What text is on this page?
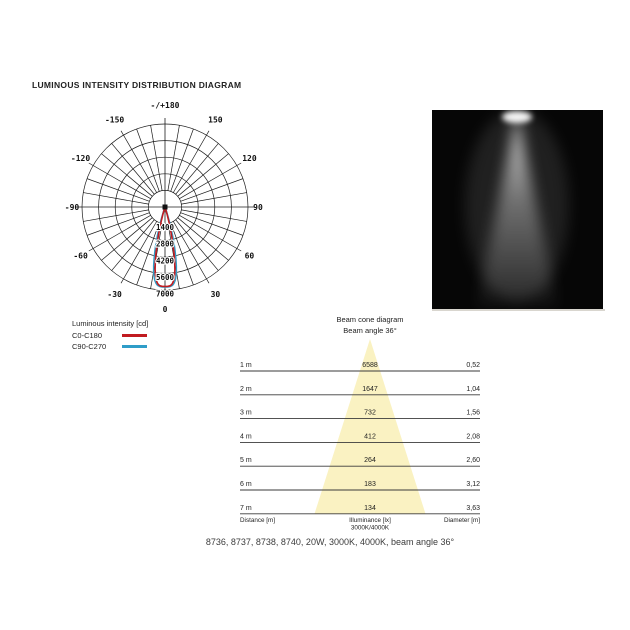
LUMINOUS INTENSITY DISTRIBUTION DIAGRAM
-/+180
150
120
90
60
30
0
-30
-60
-90
-120
-150
1400
2800
4200
5600
7000
Luminous intensity [cd]
C0-C180
C90-C270
Beam cone diagram
Beam angle 36°
1 m	6588	0,52
2 m	1647	1,04
3 m	732	1,56
4 m	412	2,08
5 m	264	2,60
6 m	183	3,12
7 m	134	3,63
Distance [m]	Illuminance [lx]
3000K/4000K
Diameter [m]
8736, 8737, 8738, 8740, 20W, 3000K, 4000K, beam angle 36°
